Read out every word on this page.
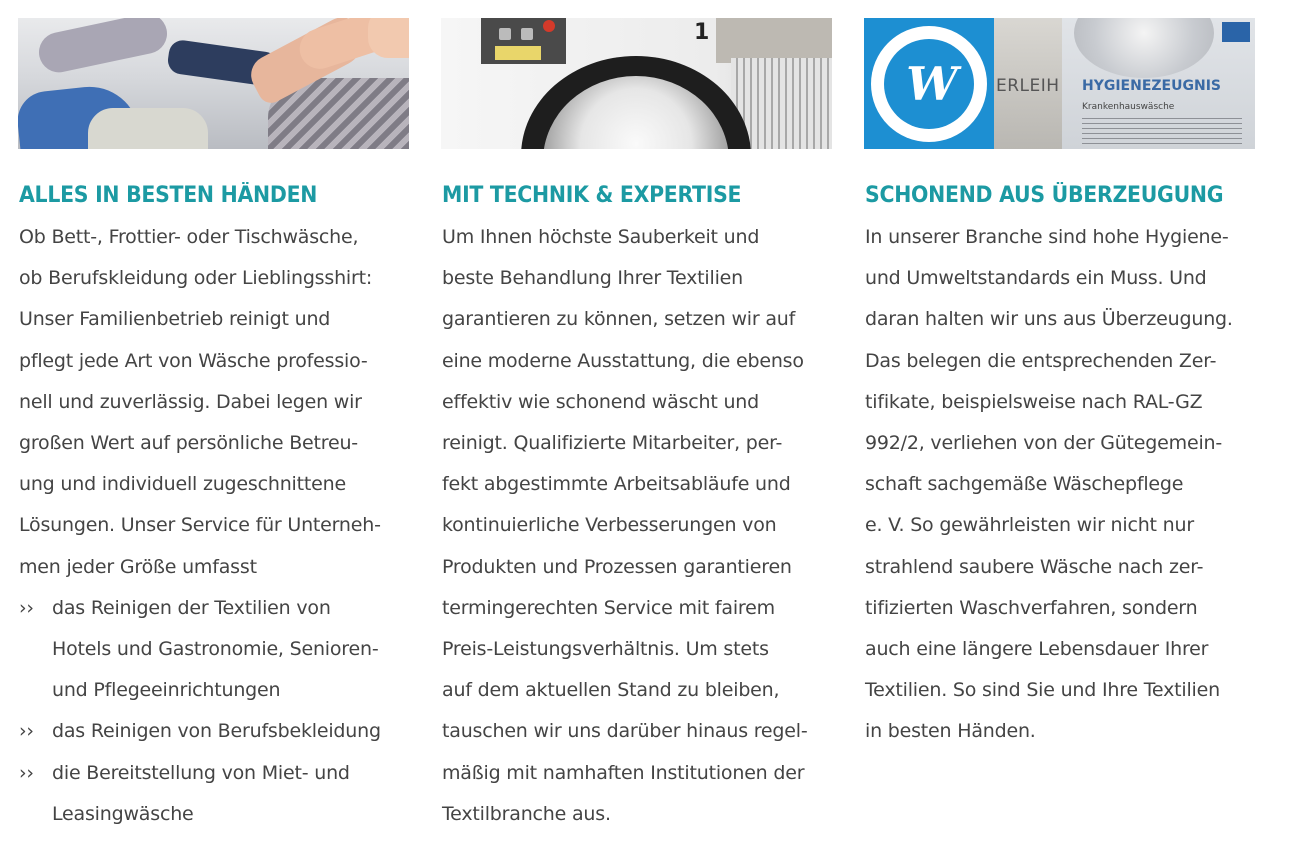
ALLES IN BESTEN HÄNDEN
Ob Bett-, Frottier- oder Tischwäsche,
ob Berufskleidung oder Lieblingsshirt:
Unser Familienbetrieb reinigt und
pflegt jede Art von Wäsche professio-
nell und zuverlässig. Dabei legen wir
großen Wert auf persönliche Betreu-
ung und individuell zugeschnittene
Lösungen. Unser Service für Unterneh-
men jeder Größe umfasst
›› das Reinigen der Textilien von
Hotels und Gastronomie, Senioren-
und Pflegeeinrichtungen
›› das Reinigen von Berufsbekleidung
›› die Bereitstellung von Miet- und
Leasingwäsche
1
MIT TECHNIK & EXPERTISE
Um Ihnen höchste Sauberkeit und
beste Behandlung Ihrer Textilien
garantieren zu können, setzen wir auf
eine moderne Ausstattung, die ebenso
effektiv wie schonend wäscht und
reinigt. Qualifizierte Mitarbeiter, per-
fekt abgestimmte Arbeitsabläufe und
kontinuierliche Verbesserungen von
Produkten und Prozessen garantieren
termingerechten Service mit fairem
Preis-Leistungsverhältnis. Um stets
auf dem aktuellen Stand zu bleiben,
tauschen wir uns darüber hinaus regel-
mäßig mit namhaften Institutionen der
Textilbranche aus.
W	ERLEIH HYGIENEZEUGNIS
Krankenhauswäsche
SCHONEND AUS ÜBERZEUGUNG
In unserer Branche sind hohe Hygiene-
und Umweltstandards ein Muss. Und
daran halten wir uns aus Überzeugung.
Das belegen die entsprechenden Zer-
tifikate, beispielsweise nach RAL-GZ
992/2, verliehen von der Gütegemein-
schaft sachgemäße Wäschepflege
e. V. So gewährleisten wir nicht nur
strahlend saubere Wäsche nach zer-
tifizierten Waschverfahren, sondern
auch eine längere Lebensdauer Ihrer
Textilien. So sind Sie und Ihre Textilien
in besten Händen.
